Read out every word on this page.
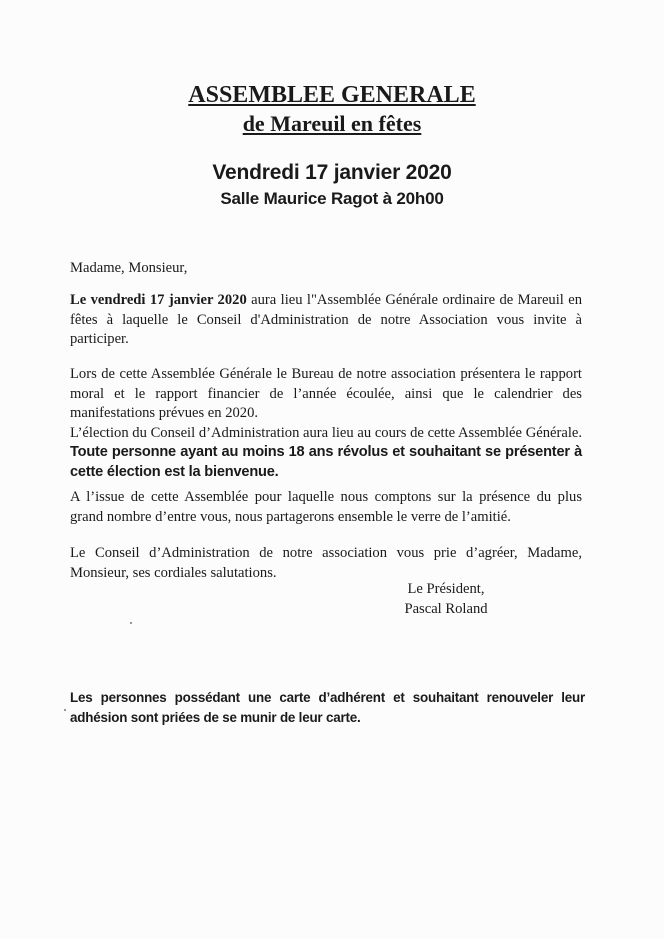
ASSEMBLEE GENERALE
de Mareuil en fêtes
Vendredi 17 janvier 2020
Salle Maurice Ragot à 20h00

Madame, Monsieur,

Le vendredi 17 janvier 2020 aura lieu l"Assemblée Générale ordinaire de Mareuil en fêtes à laquelle le Conseil d'Administration de notre Association vous invite à participer.

Lors de cette Assemblée Générale le Bureau de notre association présentera le rapport moral et le rapport financier de l’année écoulée, ainsi que le calendrier des manifestations prévues en 2020.

L’élection du Conseil d’Administration aura lieu au cours de cette Assemblée Générale. Toute personne ayant au moins 18 ans révolus et souhaitant se présenter à cette élection est la bienvenue.

A l’issue de cette Assemblée pour laquelle nous comptons sur la présence du plus grand nombre d’entre vous, nous partagerons ensemble le verre de l’amitié.

Le Conseil d’Administration de notre association vous prie d’agréer, Madame, Monsieur, ses cordiales salutations.

Le Président,
Pascal Roland
Les personnes possédant une carte d’adhérent et souhaitant renouveler leur adhésion sont priées de se munir de leur carte.
